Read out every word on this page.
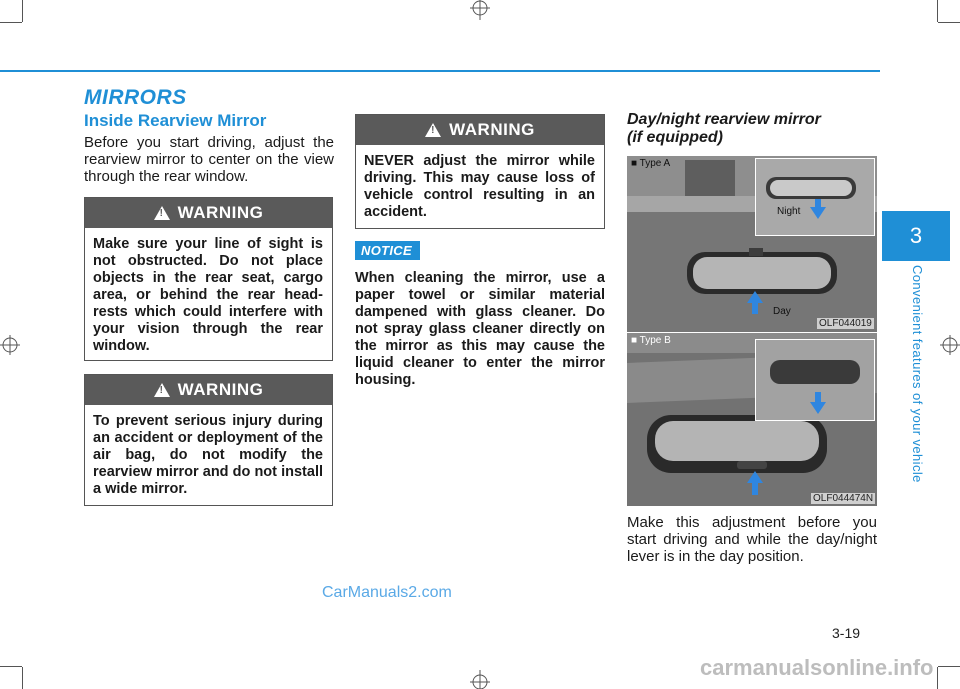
MIRRORS
Inside Rearview Mirror
Before you start driving, adjust the rearview mirror to center on the view through the rear window.
!
WARNING
Make sure your line of sight is not obstructed. Do not place objects in the rear seat, cargo area, or behind the rear head-rests which could interfere with your vision through the rear window.
!
WARNING
To prevent serious injury during an accident or deployment of the air bag, do not modify the rearview mirror and do not install a wide mirror.
!
WARNING
NEVER adjust the mirror while driving. This may cause loss of vehicle control resulting in an accident.
NOTICE
When cleaning the mirror, use a paper towel or similar material dampened with glass cleaner. Do not spray glass cleaner directly on the mirror as this may cause the liquid cleaner to enter the mirror housing.
Day/night rearview mirror
(if equipped)
■ Type A
Night
Day
OLF044019
■ Type B
OLF044474N
Make this adjustment before you start driving and while the day/night lever is in the day position.
3
Convenient features of your vehicle
3-19
CarManuals2.com
carmanualsonline.info
